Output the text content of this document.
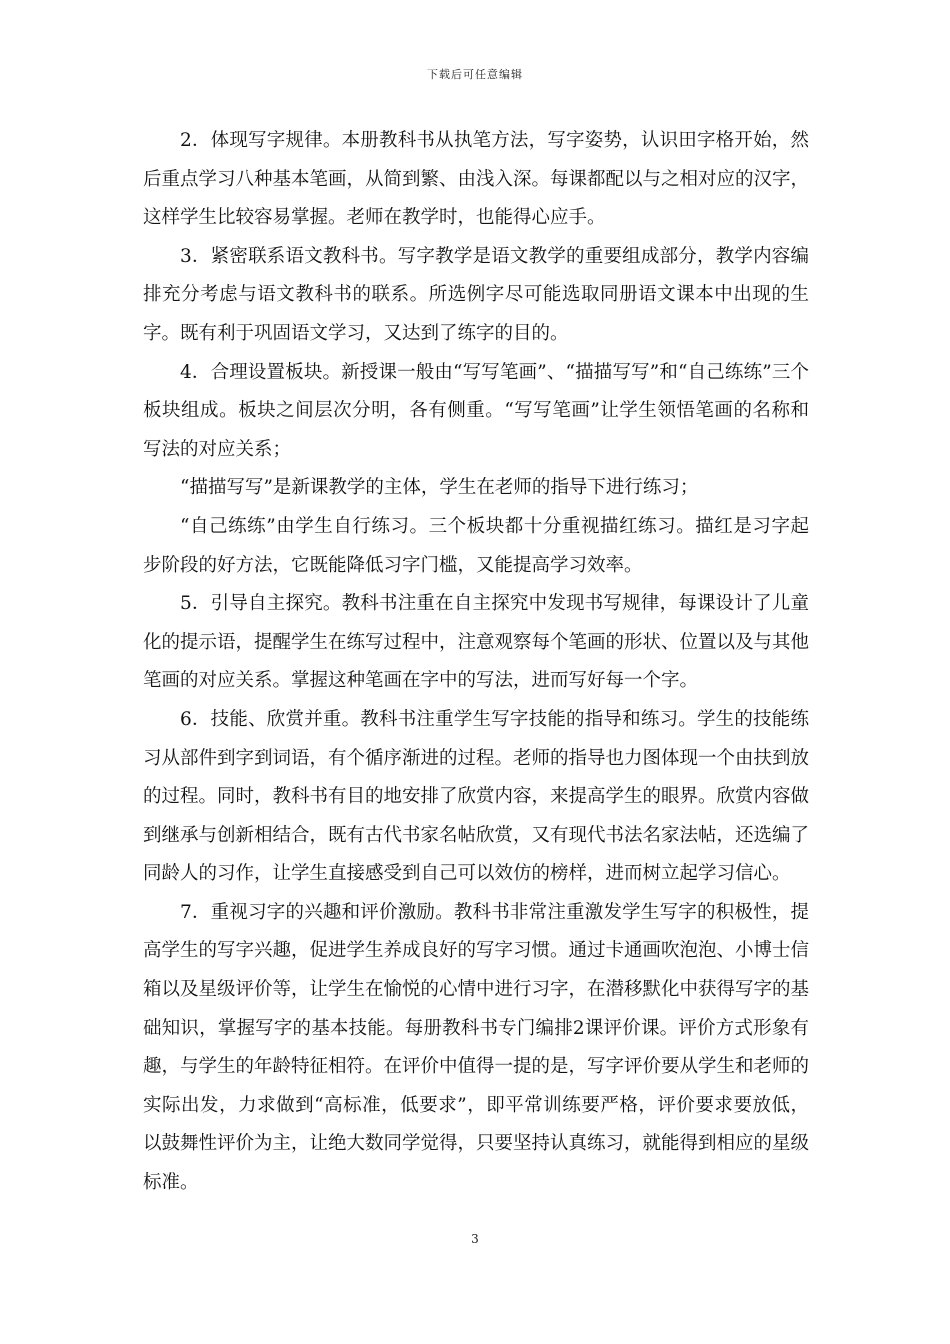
下载后可任意编辑

2．体现写字规律。本册教科书从执笔方法，写字姿势，认识田字格开始，然后重点学习八种基本笔画，从简到繁、由浅入深。每课都配以与之相对应的汉字，这样学生比较容易掌握。老师在教学时，也能得心应手。

3．紧密联系语文教科书。写字教学是语文教学的重要组成部分，教学内容编排充分考虑与语文教科书的联系。所选例字尽可能选取同册语文课本中出现的生字。既有利于巩固语文学习，又达到了练字的目的。

4．合理设置板块。新授课一般由“写写笔画”、“描描写写”和“自己练练”三个板块组成。板块之间层次分明，各有侧重。“写写笔画”让学生领悟笔画的名称和写法的对应关系；

“描描写写”是新课教学的主体，学生在老师的指导下进行练习；

“自己练练”由学生自行练习。三个板块都十分重视描红练习。描红是习字起步阶段的好方法，它既能降低习字门槛，又能提高学习效率。

5．引导自主探究。教科书注重在自主探究中发现书写规律，每课设计了儿童化的提示语，提醒学生在练写过程中，注意观察每个笔画的形状、位置以及与其他笔画的对应关系。掌握这种笔画在字中的写法，进而写好每一个字。

6．技能、欣赏并重。教科书注重学生写字技能的指导和练习。学生的技能练习从部件到字到词语，有个循序渐进的过程。老师的指导也力图体现一个由扶到放的过程。同时，教科书有目的地安排了欣赏内容，来提高学生的眼界。欣赏内容做到继承与创新相结合，既有古代书家名帖欣赏，又有现代书法名家法帖，还选编了同龄人的习作，让学生直接感受到自己可以效仿的榜样，进而树立起学习信心。

7．重视习字的兴趣和评价激励。教科书非常注重激发学生写字的积极性，提高学生的写字兴趣，促进学生养成良好的写字习惯。通过卡通画吹泡泡、小博士信箱以及星级评价等，让学生在愉悦的心情中进行习字，在潜移默化中获得写字的基础知识，掌握写字的基本技能。每册教科书专门编排2课评价课。评价方式形象有趣，与学生的年龄特征相符。在评价中值得一提的是，写字评价要从学生和老师的实际出发，力求做到“高标准，低要求”，即平常训练要严格，评价要求要放低，以鼓舞性评价为主，让绝大数同学觉得，只要坚持认真练习，就能得到相应的星级标准。

3
